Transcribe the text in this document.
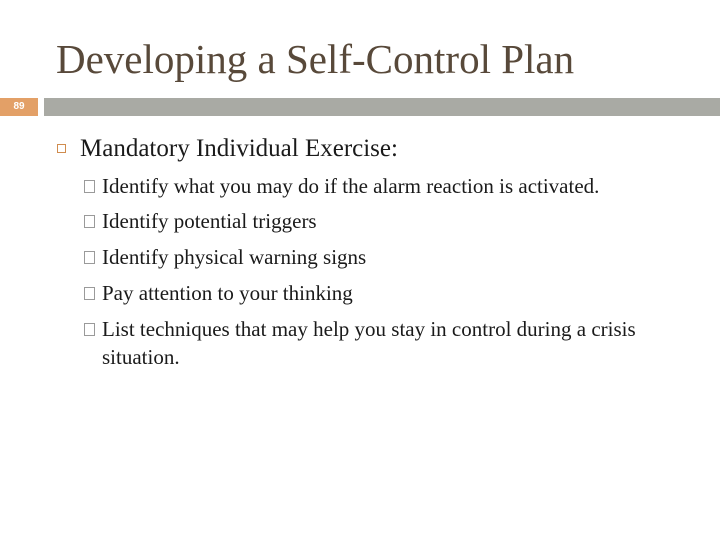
Developing a Self-Control Plan
89
Mandatory Individual Exercise:
Identify what you may do if the alarm reaction is activated.
Identify potential triggers
Identify physical warning signs
Pay attention to your thinking
List techniques that may help you stay in control during a crisis situation.
